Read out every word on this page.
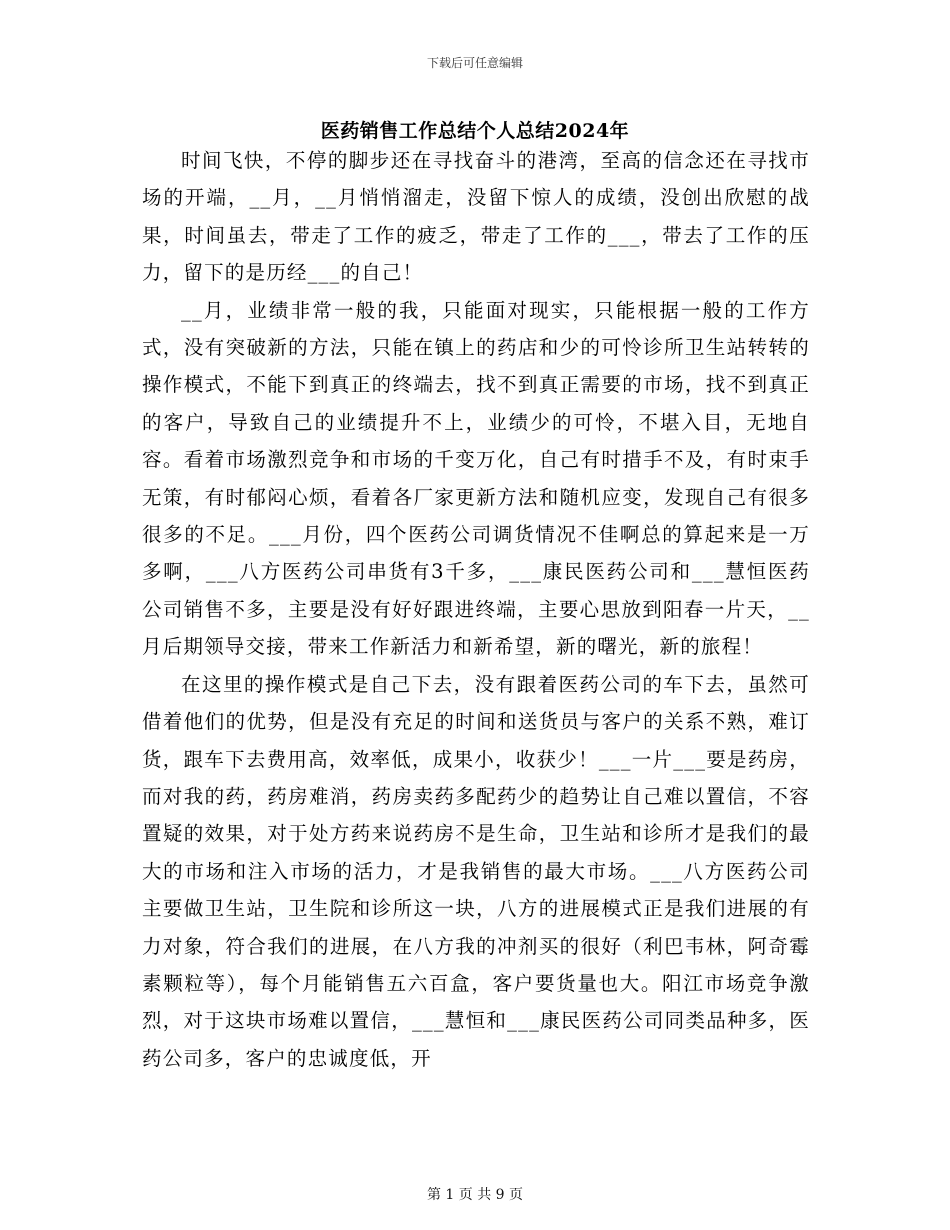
下载后可任意编辑
医药销售工作总结个人总结2024年

时间飞快，不停的脚步还在寻找奋斗的港湾，至高的信念还在寻找市场的开端，__月，__月悄悄溜走，没留下惊人的成绩，没创出欣慰的战果，时间虽去，带走了工作的疲乏，带走了工作的___，带去了工作的压力，留下的是历经___的自己！

__月，业绩非常一般的我，只能面对现实，只能根据一般的工作方式，没有突破新的方法，只能在镇上的药店和少的可怜诊所卫生站转转的操作模式，不能下到真正的终端去，找不到真正需要的市场，找不到真正的客户，导致自己的业绩提升不上，业绩少的可怜，不堪入目，无地自容。看着市场激烈竞争和市场的千变万化，自己有时措手不及，有时束手无策，有时郁闷心烦，看着各厂家更新方法和随机应变，发现自己有很多很多的不足。___月份，四个医药公司调货情况不佳啊总的算起来是一万多啊，___八方医药公司串货有3千多，___康民医药公司和___慧恒医药公司销售不多，主要是没有好好跟进终端，主要心思放到阳春一片天，__月后期领导交接，带来工作新活力和新希望，新的曙光，新的旅程！

在这里的操作模式是自己下去，没有跟着医药公司的车下去，虽然可借着他们的优势，但是没有充足的时间和送货员与客户的关系不熟，难订货，跟车下去费用高，效率低，成果小，收获少！___一片___要是药房，而对我的药，药房难消，药房卖药多配药少的趋势让自己难以置信，不容置疑的效果，对于处方药来说药房不是生命，卫生站和诊所才是我们的最大的市场和注入市场的活力，才是我销售的最大市场。___八方医药公司主要做卫生站，卫生院和诊所这一块，八方的进展模式正是我们进展的有力对象，符合我们的进展，在八方我的冲剂买的很好（利巴韦林，阿奇霉素颗粒等），每个月能销售五六百盒，客户要货量也大。阳江市场竞争激烈，对于这块市场难以置信，___慧恒和___康民医药公司同类品种多，医药公司多，客户的忠诚度低，开

第 1 页 共 9 页
